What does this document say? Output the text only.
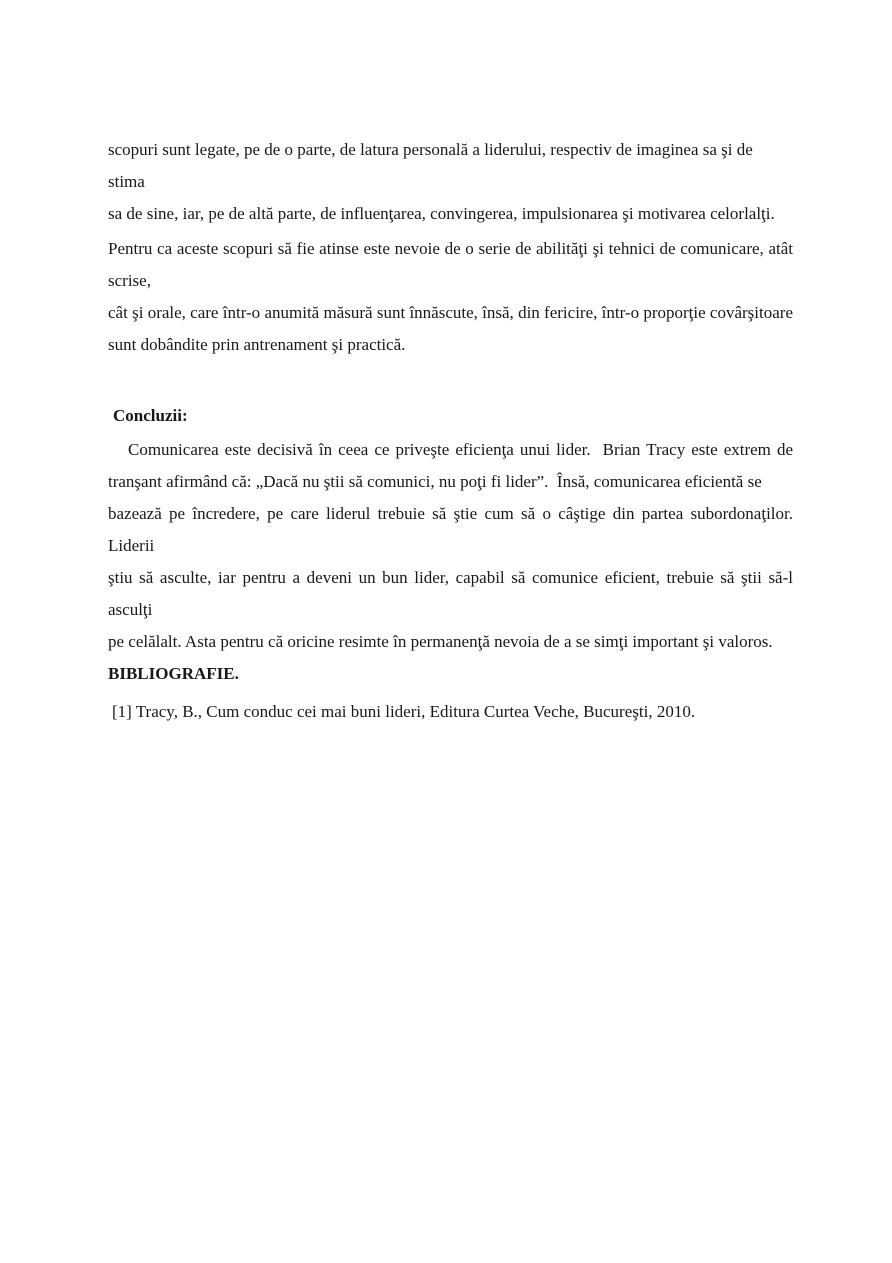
scopuri sunt legate, pe de o parte, de latura personală a liderului, respectiv de imaginea sa şi de stima
sa de sine, iar, pe de altă parte, de influenţarea, convingerea, impulsionarea şi motivarea celorlalţi.
Pentru ca aceste scopuri să fie atinse este nevoie de o serie de abilităţi şi tehnici de comunicare, atât scrise,
cât şi orale, care într-o anumită măsură sunt înnăscute, însă, din fericire, într-o proporţie covârşitoare
sunt dobândite prin antrenament şi practică.
Concluzii:
Comunicarea este decisivă în ceea ce priveşte eficienţa unui lider.  Brian Tracy este extrem de
tranşant afirmând că: „Dacă nu ştii să comunici, nu poţi fi lider”.  Însă, comunicarea eficientă se
bazează pe încredere, pe care liderul trebuie să ştie cum să o câştige din partea subordonaţilor. Liderii
ştiu să asculte, iar pentru a deveni un bun lider, capabil să comunice eficient, trebuie să ştii să-l asculţi
pe celălalt. Asta pentru că oricine resimte în permanenţă nevoia de a se simţi important şi valoros.
BIBLIOGRAFIE.
[1] Tracy, B., Cum conduc cei mai buni lideri, Editura Curtea Veche, Bucureşti, 2010.
